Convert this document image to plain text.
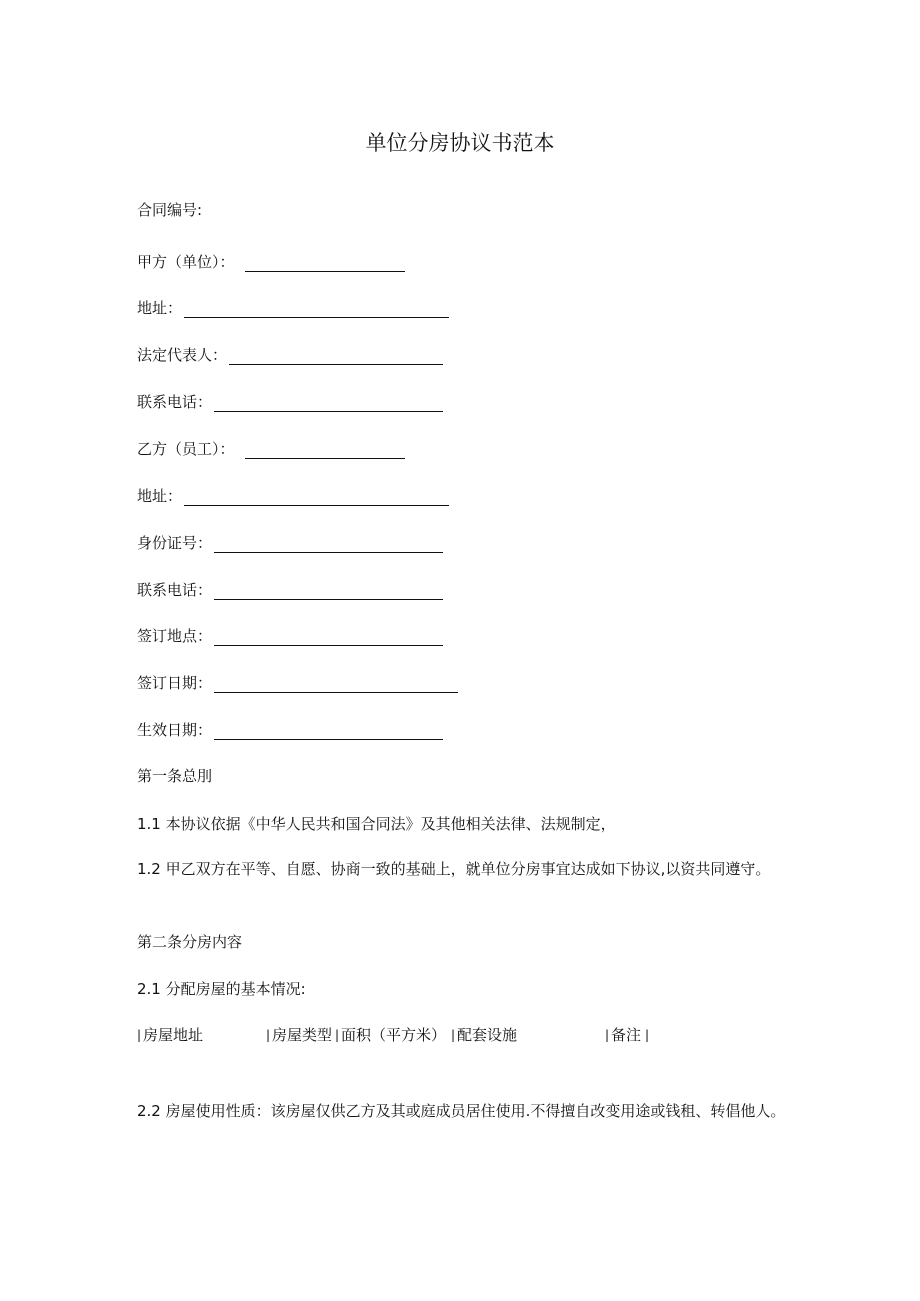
单位分房协议书范本
合同编号:
甲方（单位）：
地址：
法定代表人：
联系电话：
乙方（员工）：
地址：
身份证号：
联系电话：
签订地点：
签订日期：
生效日期：
第一条总刖
1.1 本协议依据《中华人民共和国合同法》及其他相关法律、法规制定，
1.2 甲乙双方在平等、自愿、协商一致的基础上，就单位分房事宜达成如下协议,以资共同遵守。
第二条分房内容
2.1 分配房屋的基本情况:
| 房屋地址	| 房屋类型 | 面积（平方米） | 配套设施	| 备注 |
2.2 房屋使用性质：该房屋仅供乙方及其或庭成员居住使用.不得擅自改变用途或钱租、转倡他人。
